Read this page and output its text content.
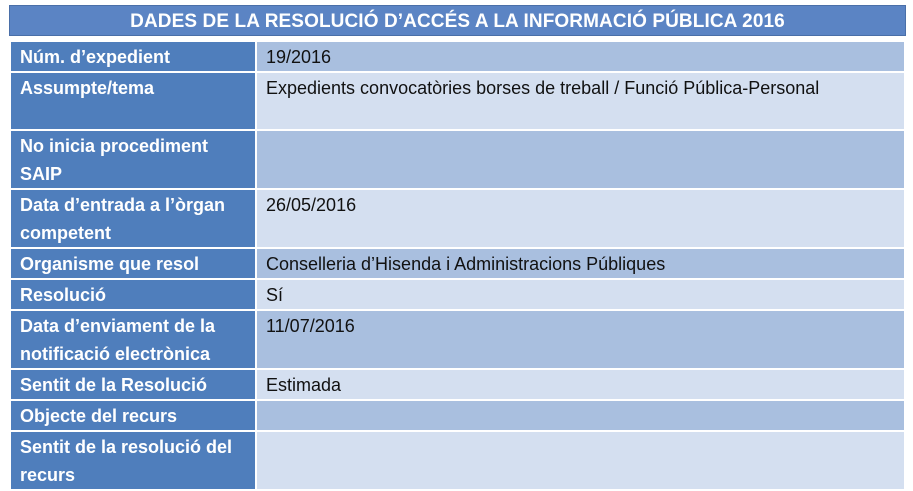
DADES DE LA RESOLUCIÓ D’ACCÉS A LA INFORMACIÓ PÚBLICA 2016
Núm. d’expedient	19/2016
Assumpte/tema	Expedients convocatòries borses de treball / Funció Pública-Personal
No inicia procediment SAIP	
Data d’entrada a l’òrgan competent	26/05/2016
Organisme que resol	Conselleria d’Hisenda i Administracions Públiques
Resolució	Sí
Data d’enviament de la notificació electrònica	11/07/2016
Sentit de la Resolució	Estimada
Objecte del recurs	
Sentit de la resolució del recurs	
